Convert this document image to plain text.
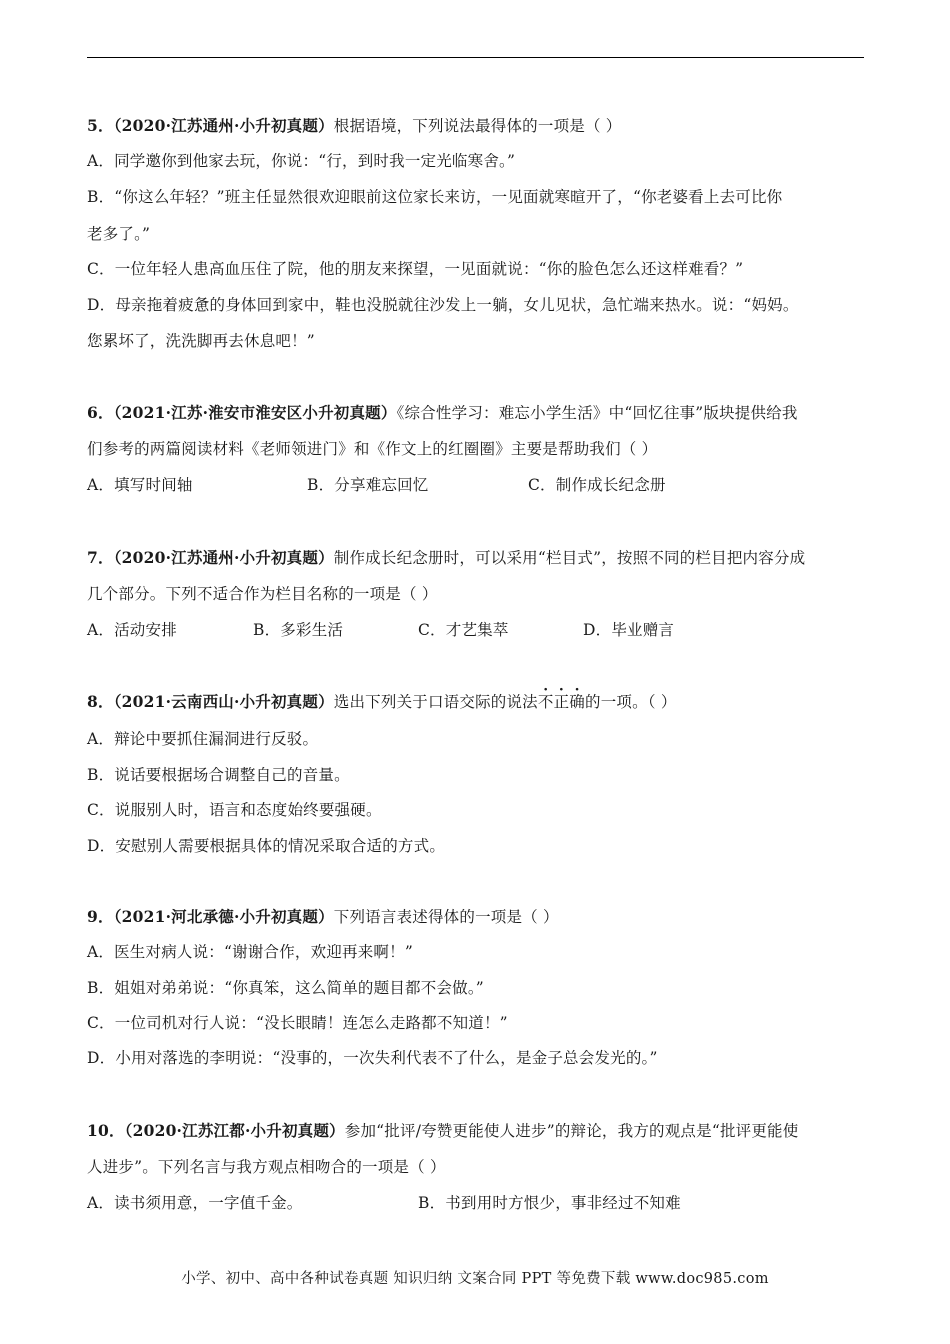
5．（2020·江苏通州·小升初真题）根据语境，下列说法最得体的一项是（ ）
A．同学邀你到他家去玩，你说：“行，到时我一定光临寒舍。”
B．“你这么年轻？”班主任显然很欢迎眼前这位家长来访，一见面就寒暄开了，“你老婆看上去可比你
老多了。”
C．一位年轻人患高血压住了院，他的朋友来探望，一见面就说：“你的脸色怎么还这样难看？”
D．母亲拖着疲惫的身体回到家中，鞋也没脱就往沙发上一躺，女儿见状，急忙端来热水。说：“妈妈。
您累坏了，洗洗脚再去休息吧！”
6．（2021·江苏·淮安市淮安区小升初真题）《综合性学习：难忘小学生活》中“回忆往事”版块提供给我
们参考的两篇阅读材料《老师领进门》和《作文上的红圈圈》主要是帮助我们（ ）
A．填写时间轴	B．分享难忘回忆	C．制作成长纪念册
7．（2020·江苏通州·小升初真题）制作成长纪念册时，可以采用“栏目式”，按照不同的栏目把内容分成
几个部分。下列不适合作为栏目名称的一项是（ ）
A．活动安排	B．多彩生活	C．才艺集萃	D．毕业赠言
8．（2021·云南西山·小升初真题）选出下列关于口语交际的说法不正确的一项。（ ）
A．辩论中要抓住漏洞进行反驳。
B．说话要根据场合调整自己的音量。
C．说服别人时，语言和态度始终要强硬。
D．安慰别人需要根据具体的情况采取合适的方式。
9．（2021·河北承德·小升初真题）下列语言表述得体的一项是（ ）
A．医生对病人说：“谢谢合作，欢迎再来啊！”
B．姐姐对弟弟说：“你真笨，这么简单的题目都不会做。”
C．一位司机对行人说：“没长眼睛！连怎么走路都不知道！”
D．小用对落选的李明说：“没事的，一次失利代表不了什么，是金子总会发光的。”
10．（2020·江苏江都·小升初真题）参加“批评/夸赞更能使人进步”的辩论，我方的观点是“批评更能使
人进步”。下列名言与我方观点相吻合的一项是（ ）
A．读书须用意，一字值千金。	B．书到用时方恨少，事非经过不知难
小学、初中、高中各种试卷真题 知识归纳 文案合同 PPT 等免费下载 www.doc985.com
